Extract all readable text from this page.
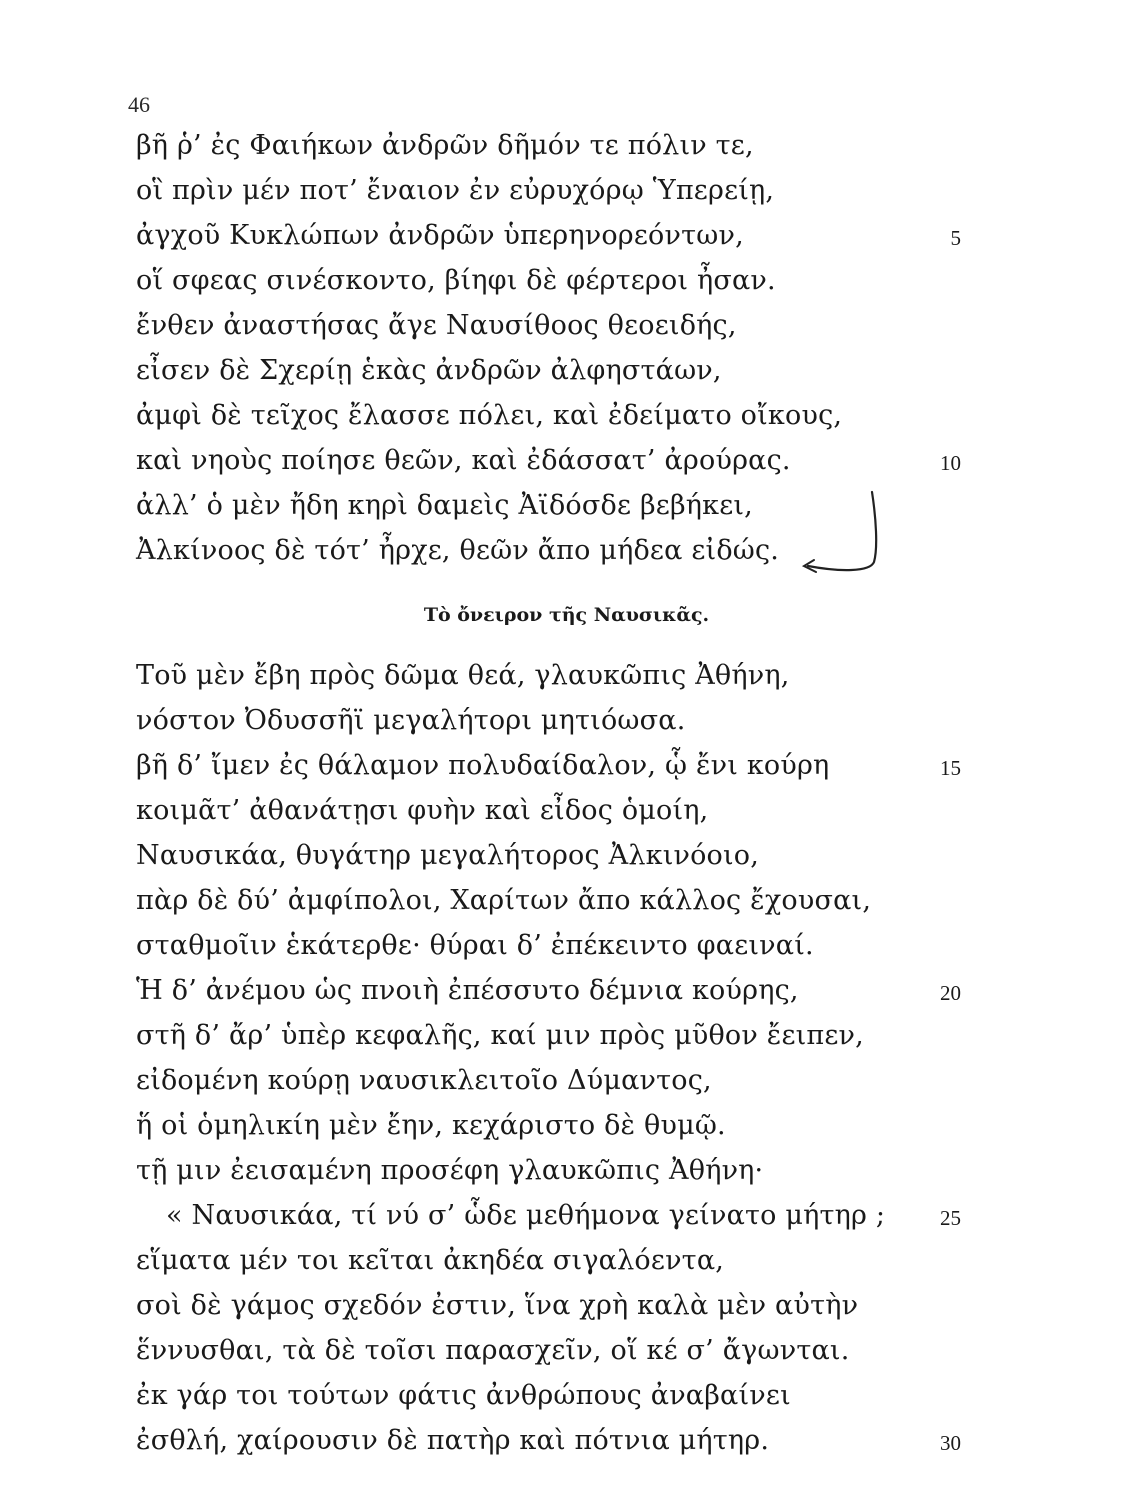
46
βῆ ῥ’ ἐς Φαιήκων ἀνδρῶν δῆμόν τε πόλιν τε,
οἳ πρὶν μέν ποτ’ ἔναιον ἐν εὐρυχόρῳ Ὑπερείῃ,
ἀγχοῦ Κυκλώπων ἀνδρῶν ὑπερηνορεόντων,	5
οἵ σφεας σινέσκοντο, βίηφι δὲ φέρτεροι ἦσαν.
ἔνθεν ἀναστήσας ἄγε Ναυσίθοος θεοειδής,
εἶσεν δὲ Σχερίῃ ἑκὰς ἀνδρῶν ἀλφηστάων,
ἀμφὶ δὲ τεῖχος ἔλασσε πόλει, καὶ ἐδείματο οἴκους,
καὶ νηοὺς ποίησε θεῶν, καὶ ἐδάσσατ’ ἀρούρας.	10
ἀλλ’ ὁ μὲν ἤδη κηρὶ δαμεὶς Ἀϊδόσδε βεβήκει,
Ἀλκίνοος δὲ τότ’ ἦρχε, θεῶν ἄπο μήδεα εἰδώς.
Τοῦ μὲν ἔβη πρὸς δῶμα θεά, γλαυκῶπις Ἀθήνη,
νόστον Ὀδυσσῆϊ μεγαλήτορι μητιόωσα.
βῆ δ’ ἴμεν ἐς θάλαμον πολυδαίδαλον, ᾧ ἔνι κούρη	15
κοιμᾶτ’ ἀθανάτῃσι φυὴν καὶ εἶδος ὁμοίη,
Ναυσικάα, θυγάτηρ μεγαλήτορος Ἀλκινόοιο,
πὰρ δὲ δύ’ ἀμφίπολοι, Χαρίτων ἄπο κάλλος ἔχουσαι,
σταθμοῖιν ἑκάτερθε· θύραι δ’ ἐπέκειντο φαειναί.
Ἡ δ’ ἀνέμου ὡς πνοιὴ ἐπέσσυτο δέμνια κούρης,	20
στῆ δ’ ἄρ’ ὑπὲρ κεφαλῆς, καί μιν πρὸς μῦθον ἔειπεν,
εἰδομένη κούρῃ ναυσικλειτοῖο Δύμαντος,
ἥ οἱ ὁμηλικίη μὲν ἔην, κεχάριστο δὲ θυμῷ.
τῇ μιν ἐεισαμένη προσέφη γλαυκῶπις Ἀθήνη·
« Ναυσικάα, τί νύ σ’ ὧδε μεθήμονα γείνατο μήτηρ ;	25
εἵματα μέν τοι κεῖται ἀκηδέα σιγαλόεντα,
σοὶ δὲ γάμος σχεδόν ἐστιν, ἵνα χρὴ καλὰ μὲν αὐτὴν
ἕννυσθαι, τὰ δὲ τοῖσι παρασχεῖν, οἵ κέ σ’ ἄγωνται.
ἐκ γάρ τοι τούτων φάτις ἀνθρώπους ἀναβαίνει
ἐσθλή, χαίρουσιν δὲ πατὴρ καὶ πότνια μήτηρ.	30
Τὸ ὄνειρον τῆς Ναυσικᾶς.
